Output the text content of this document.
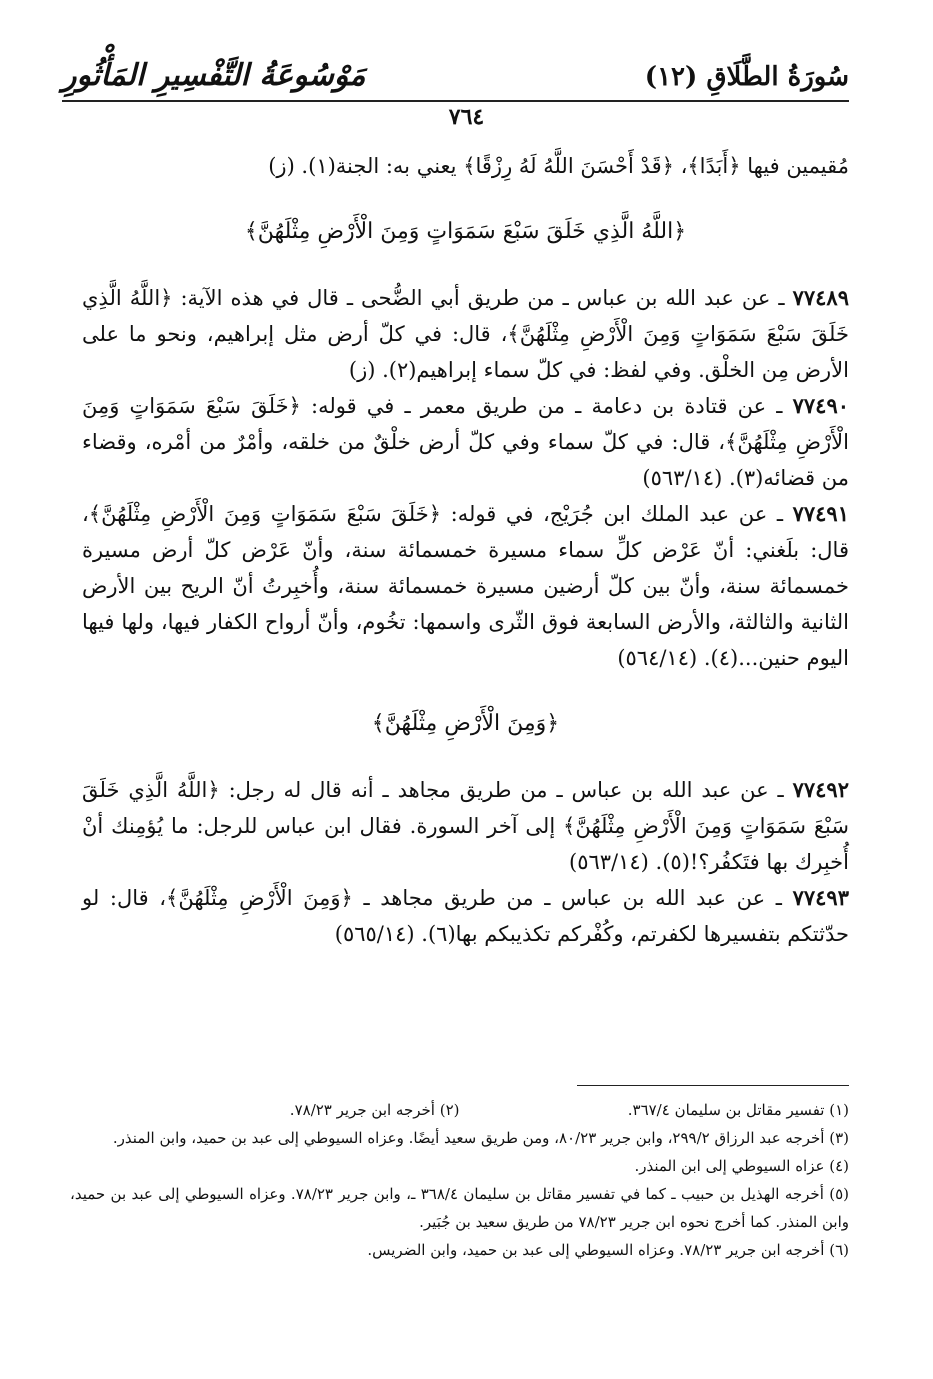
سُورَةُ الطَّلَاقِ (١٢)
مَوْسُوعَةُ التَّفْسِيرِ المَأْثُورِ
٧٦٤

مُقيمين فيها ﴿أَبَدًا﴾، ﴿قَدْ أَحْسَنَ اللَّهُ لَهُ رِزْقًا﴾ يعني به: الجنة(١). (ز)

﴿اللَّهُ الَّذِي خَلَقَ سَبْعَ سَمَوَاتٍ وَمِنَ الْأَرْضِ مِثْلَهُنَّ﴾

٧٧٤٨٩ ـ عن عبد الله بن عباس ـ من طريق أبي الضُّحى ـ قال في هذه الآية: ﴿اللَّهُ الَّذِي خَلَقَ سَبْعَ سَمَوَاتٍ وَمِنَ الْأَرْضِ مِثْلَهُنَّ﴾، قال: في كلّ أرض مثل إبراهيم، ونحو ما على الأرض مِن الخلْق. وفي لفظ: في كلّ سماء إبراهيم(٢). (ز)

٧٧٤٩٠ ـ عن قتادة بن دعامة ـ من طريق معمر ـ في قوله: ﴿خَلَقَ سَبْعَ سَمَوَاتٍ وَمِنَ الْأَرْضِ مِثْلَهُنَّ﴾، قال: في كلّ سماء وفي كلّ أرض خلْقٌ من خلقه، وأمْرٌ من أمْره، وقضاء من قضائه(٣). (٥٦٣/١٤)

٧٧٤٩١ ـ عن عبد الملك ابن جُرَيْج، في قوله: ﴿خَلَقَ سَبْعَ سَمَوَاتٍ وَمِنَ الْأَرْضِ مِثْلَهُنَّ﴾، قال: بلَغني: أنّ عَرْض كلِّ سماء مسيرة خمسمائة سنة، وأنّ عَرْض كلّ أرض مسيرة خمسمائة سنة، وأنّ بين كلّ أرضين مسيرة خمسمائة سنة، وأُخبِرتُ أنّ الريح بين الأرض الثانية والثالثة، والأرض السابعة فوق الثّرى واسمها: تخُوم، وأنّ أرواح الكفار فيها، ولها فيها اليوم حنين...(٤). (٥٦٤/١٤)

﴿وَمِنَ الْأَرْضِ مِثْلَهُنَّ﴾

٧٧٤٩٢ ـ عن عبد الله بن عباس ـ من طريق مجاهد ـ أنه قال له رجل: ﴿اللَّهُ الَّذِي خَلَقَ سَبْعَ سَمَوَاتٍ وَمِنَ الْأَرْضِ مِثْلَهُنَّ﴾ إلى آخر السورة. فقال ابن عباس للرجل: ما يُؤمِنك أنْ أُخبِرك بها فتَكفُر؟!(٥). (٥٦٣/١٤)

٧٧٤٩٣ ـ عن عبد الله بن عباس ـ من طريق مجاهد ـ ﴿وَمِنَ الْأَرْضِ مِثْلَهُنَّ﴾، قال: لو حدّثتكم بتفسيرها لكفرتم، وكُفْركم تكذيبكم بها(٦). (٥٦٥/١٤)

(١) تفسير مقاتل بن سليمان ٣٦٧/٤.
(٢) أخرجه ابن جرير ٧٨/٢٣.
(٣) أخرجه عبد الرزاق ٢٩٩/٢، وابن جرير ٨٠/٢٣، ومن طريق سعيد أيضًا. وعزاه السيوطي إلى عبد بن حميد، وابن المنذر.
(٤) عزاه السيوطي إلى ابن المنذر.
(٥) أخرجه الهذيل بن حبيب ـ كما في تفسير مقاتل بن سليمان ٣٦٨/٤ ـ، وابن جرير ٧٨/٢٣. وعزاه السيوطي إلى عبد بن حميد، وابن المنذر. كما أخرج نحوه ابن جرير ٧٨/٢٣ من طريق سعيد بن جُبَير.
(٦) أخرجه ابن جرير ٧٨/٢٣. وعزاه السيوطي إلى عبد بن حميد، وابن الضريس.
